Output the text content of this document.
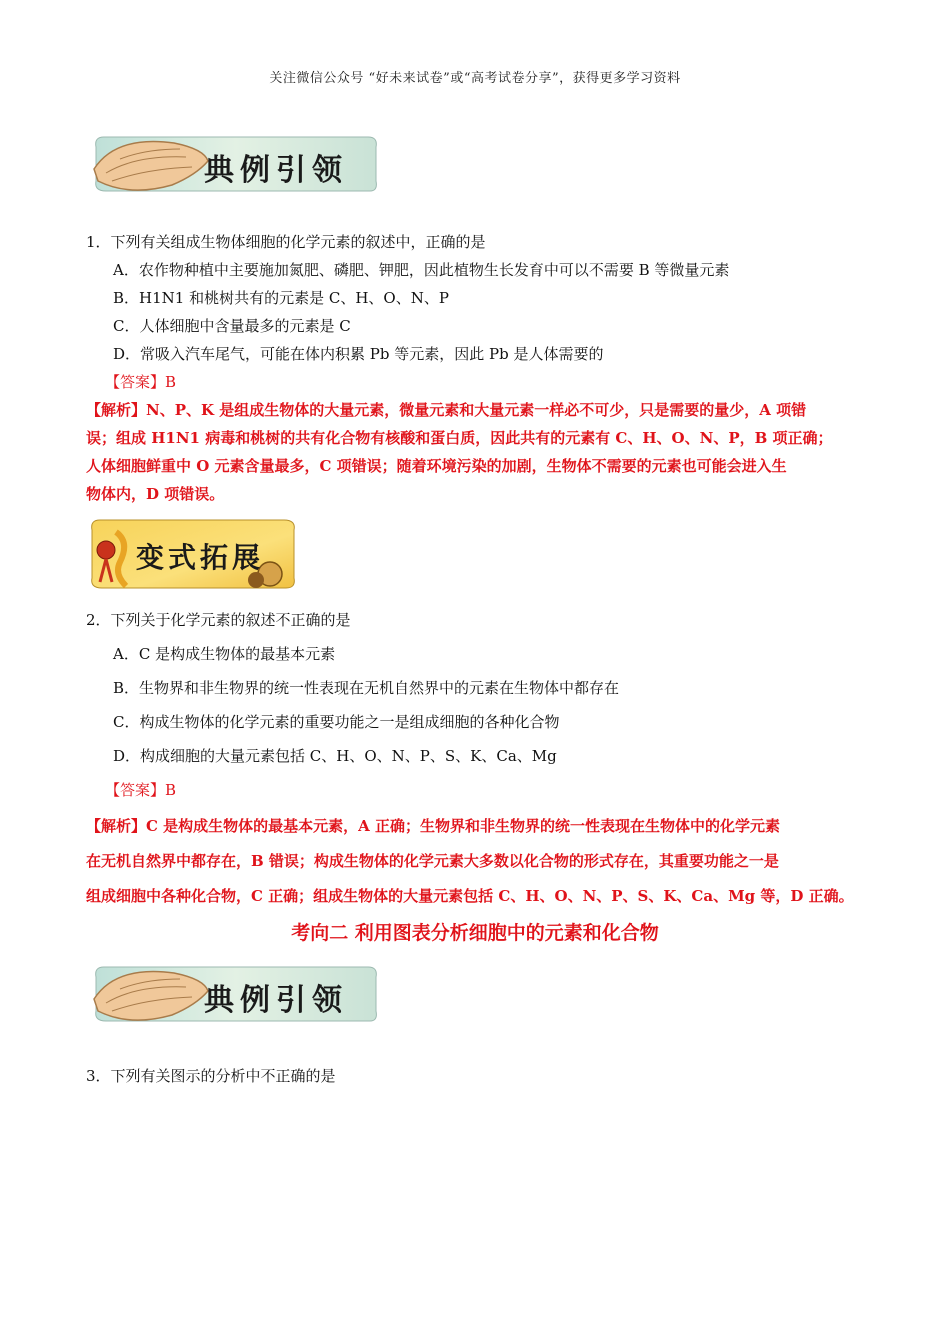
关注微信公众号 “好未来试卷”或“高考试卷分享”，获得更多学习资料
典例引领
1．下列有关组成生物体细胞的化学元素的叙述中，正确的是
A．农作物种植中主要施加氮肥、磷肥、钾肥，因此植物生长发育中可以不需要 B 等微量元素
B．H1N1 和桃树共有的元素是 C、H、O、N、P
C．人体细胞中含量最多的元素是 C
D．常吸入汽车尾气，可能在体内积累 Pb 等元素，因此 Pb 是人体需要的
【答案】B
【解析】N、P、K 是组成生物体的大量元素，微量元素和大量元素一样必不可少，只是需要的量少，A 项错
误；组成 H1N1 病毒和桃树的共有化合物有核酸和蛋白质，因此共有的元素有 C、H、O、N、P，B 项正确；
人体细胞鲜重中 O 元素含量最多，C 项错误；随着环境污染的加剧，生物体不需要的元素也可能会进入生
物体内，D 项错误。
变式拓展
2．下列关于化学元素的叙述不正确的是
A．C 是构成生物体的最基本元素
B．生物界和非生物界的统一性表现在无机自然界中的元素在生物体中都存在
C．构成生物体的化学元素的重要功能之一是组成细胞的各种化合物
D．构成细胞的大量元素包括 C、H、O、N、P、S、K、Ca、Mg
【答案】B
【解析】C 是构成生物体的最基本元素，A 正确；生物界和非生物界的统一性表现在生物体中的化学元素
在无机自然界中都存在，B 错误；构成生物体的化学元素大多数以化合物的形式存在，其重要功能之一是
组成细胞中各种化合物，C 正确；组成生物体的大量元素包括 C、H、O、N、P、S、K、Ca、Mg 等，D 正确。
考向二 利用图表分析细胞中的元素和化合物
典例引领
3．下列有关图示的分析中不正确的是
